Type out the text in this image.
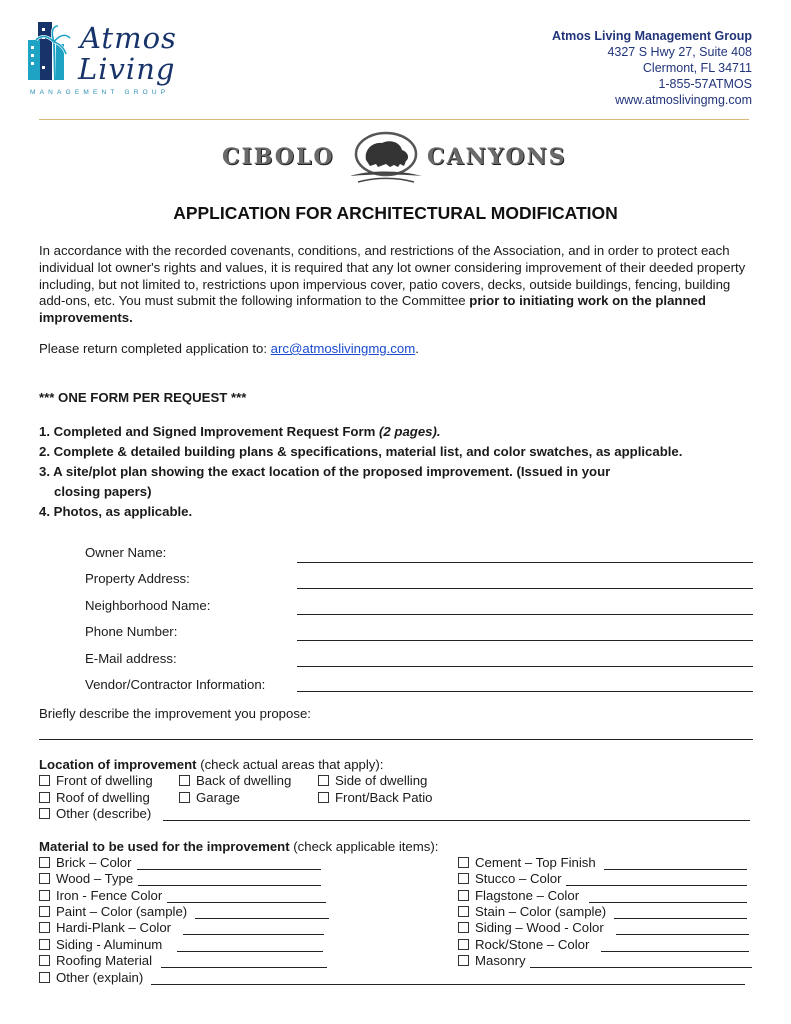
Atmos
Living
MANAGEMENT GROUP
Atmos Living Management Group
4327 S Hwy 27, Suite 408
Clermont, FL 34711
1-855-57ATMOS
www.atmoslivingmg.com
CIBOLO	CANYONS
APPLICATION FOR ARCHITECTURAL MODIFICATION
In accordance with the recorded covenants, conditions, and restrictions of the Association, and in order to protect each individual lot owner's rights and values, it is required that any lot owner considering improvement of their deeded property including, but not limited to, restrictions upon impervious cover, patio covers, decks, outside buildings, fencing, building add-ons, etc. You must submit the following information to the Committee prior to initiating work on the planned improvements.
Please return completed application to: arc@atmoslivingmg.com.
*** ONE FORM PER REQUEST ***
1. Completed and Signed Improvement Request Form (2 pages).
2. Complete & detailed building plans & specifications, material list, and color swatches, as applicable.
3. A site/plot plan showing the exact location of the proposed improvement. (Issued in your
closing papers)
4. Photos, as applicable.
Owner Name:
Property Address:
Neighborhood Name:
Phone Number:
E-Mail address:
Vendor/Contractor Information:
Briefly describe the improvement you propose:
Location of improvement (check actual areas that apply):
Front of dwelling	Back of dwelling	Side of dwelling
Roof of dwelling	Garage	Front/Back Patio
Other (describe)
Material to be used for the improvement (check applicable items):
Brick – Color
Wood – Type
Iron - Fence Color
Paint – Color (sample)
Hardi-Plank – Color
Siding - Aluminum
Roofing Material
Other (explain)
Cement – Top Finish
Stucco – Color
Flagstone – Color
Stain – Color (sample)
Siding – Wood - Color
Rock/Stone – Color
Masonry
